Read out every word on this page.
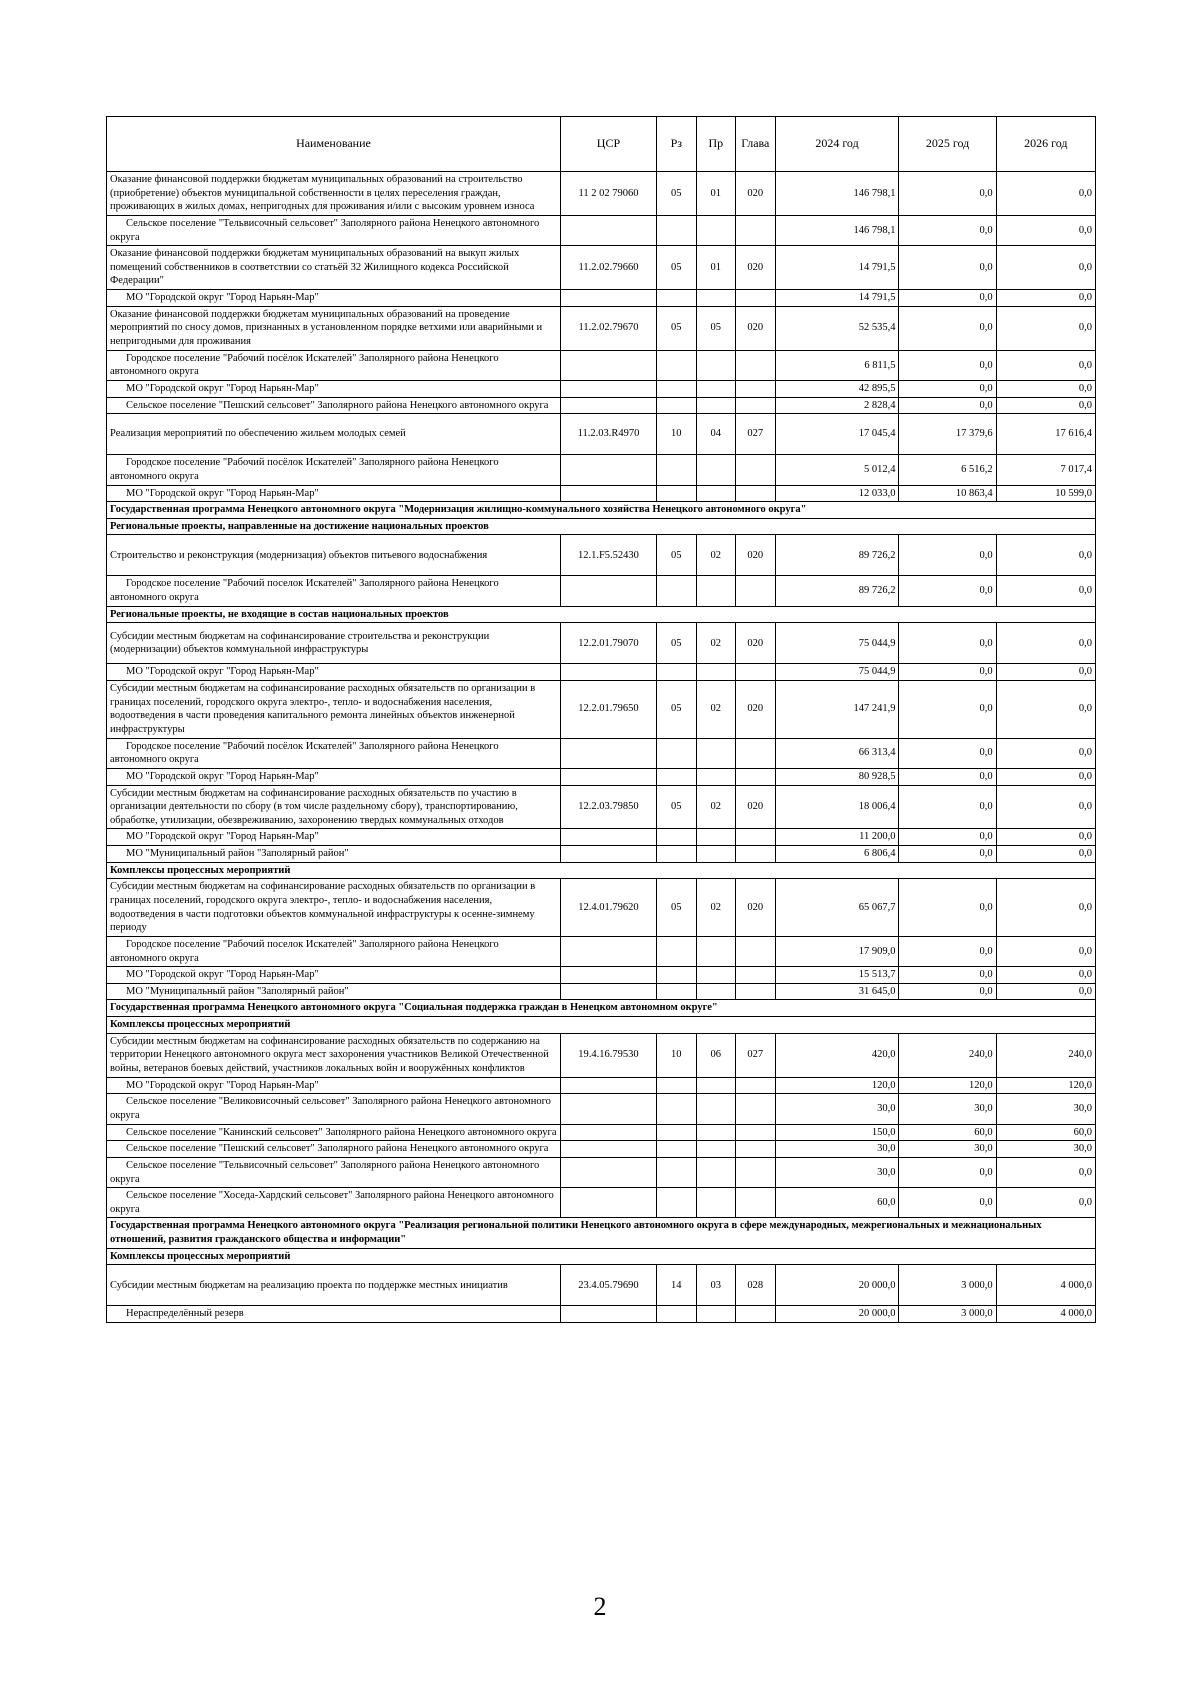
Наименование	ЦСР	Рз	Пр	Глава	2024 год	2025 год	2026 год
Оказание финансовой поддержки бюджетам муниципальных образований на строительство (приобретение) объектов муниципальной собственности в целях переселения граждан, проживающих в жилых домах, непригодных для проживания и/или с высоким уровнем износа	11 2 02 79060	05	01	020	146 798,1	0,0	0,0
Сельское поселение "Тельвисочный сельсовет" Заполярного района Ненецкого автономного округа					146 798,1	0,0	0,0
Оказание финансовой поддержки бюджетам муниципальных образований на выкуп жилых помещений собственников в соответствии со статьёй 32 Жилищного кодекса Российской Федерации"	11.2.02.79660	05	01	020	14 791,5	0,0	0,0
МО "Городской округ "Город Нарьян-Мар"					14 791,5	0,0	0,0
Оказание финансовой поддержки бюджетам муниципальных образований на проведение мероприятий по сносу домов, признанных в установленном порядке ветхими или аварийными и непригодными для проживания	11.2.02.79670	05	05	020	52 535,4	0,0	0,0
Городское поселение "Рабочий посёлок Искателей" Заполярного района Ненецкого автономного округа					6 811,5	0,0	0,0
МО "Городской округ "Город Нарьян-Мар"					42 895,5	0,0	0,0
Сельское поселение "Пешский сельсовет" Заполярного района Ненецкого автономного округа					2 828,4	0,0	0,0
Реализация мероприятий по обеспечению жильем молодых семей	11.2.03.R4970	10	04	027	17 045,4	17 379,6	17 616,4
Городское поселение "Рабочий посёлок Искателей" Заполярного района Ненецкого автономного округа					5 012,4	6 516,2	7 017,4
МО "Городской округ "Город Нарьян-Мар"					12 033,0	10 863,4	10 599,0
Государственная программа Ненецкого автономного округа "Модернизация жилищно-коммунального хозяйства Ненецкого автономного округа"							
Региональные проекты, направленные на достижение национальных проектов							
Строительство и реконструкция (модернизация) объектов питьевого водоснабжения	12.1.F5.52430	05	02	020	89 726,2	0,0	0,0
Городское поселение "Рабочий поселок Искателей" Заполярного района Ненецкого автономного округа					89 726,2	0,0	0,0
Региональные проекты, не входящие в состав национальных проектов							
Субсидии местным бюджетам на софинансирование строительства и реконструкции (модернизации) объектов коммунальной инфраструктуры	12.2.01.79070	05	02	020	75 044,9	0,0	0,0
МО "Городской округ "Город Нарьян-Мар"					75 044,9	0,0	0,0
Субсидии местным бюджетам на софинансирование расходных обязательств по организации в границах поселений, городского округа электро-, тепло- и водоснабжения населения, водоотведения в части проведения капитального ремонта линейных объектов инженерной инфраструктуры	12.2.01.79650	05	02	020	147 241,9	0,0	0,0
Городское поселение "Рабочий посёлок Искателей" Заполярного района Ненецкого автономного округа					66 313,4	0,0	0,0
МО "Городской округ "Город Нарьян-Мар"					80 928,5	0,0	0,0
Субсидии местным бюджетам на софинансирование расходных обязательств по участию в организации деятельности по сбору (в том числе раздельному сбору), транспортированию, обработке, утилизации, обезвреживанию, захоронению твердых коммунальных отходов	12.2.03.79850	05	02	020	18 006,4	0,0	0,0
МО "Городской округ "Город Нарьян-Мар"					11 200,0	0,0	0,0
МО "Муниципальный район "Заполярный район"					6 806,4	0,0	0,0
Комплексы процессных мероприятий							
Субсидии местным бюджетам на софинансирование расходных обязательств по организации в границах поселений, городского округа электро-, тепло- и водоснабжения населения, водоотведения в части подготовки объектов коммунальной инфраструктуры к осенне-зимнему периоду	12.4.01.79620	05	02	020	65 067,7	0,0	0,0
Городское поселение "Рабочий поселок Искателей" Заполярного района Ненецкого автономного округа					17 909,0	0,0	0,0
МО "Городской округ "Город Нарьян-Мар"					15 513,7	0,0	0,0
МО "Муниципальный район "Заполярный район"					31 645,0	0,0	0,0
Государственная программа Ненецкого автономного округа "Социальная поддержка граждан в Ненецком автономном округе"							
Комплексы процессных мероприятий							
Субсидии местным бюджетам на софинансирование расходных обязательств по содержанию на территории Ненецкого автономного округа мест захоронения участников Великой Отечественной войны, ветеранов боевых действий, участников локальных войн и вооружённых конфликтов	19.4.16.79530	10	06	027	420,0	240,0	240,0
МО "Городской округ "Город Нарьян-Мар"					120,0	120,0	120,0
Сельское поселение "Великовисочный сельсовет" Заполярного района Ненецкого автономного округа					30,0	30,0	30,0
Сельское поселение "Канинский сельсовет" Заполярного района Ненецкого автономного округа					150,0	60,0	60,0
Сельское поселение "Пешский сельсовет" Заполярного района Ненецкого автономного округа					30,0	30,0	30,0
Сельское поселение "Тельвисочный сельсовет" Заполярного района Ненецкого автономного округа					30,0	0,0	0,0
Сельское поселение "Хоседа-Хардский сельсовет" Заполярного района Ненецкого автономного округа					60,0	0,0	0,0
Государственная программа Ненецкого автономного округа "Реализация региональной политики Ненецкого автономного округа в сфере международных, межрегиональных и межнациональных отношений, развития гражданского общества и информации"							
Комплексы процессных мероприятий							
Субсидии местным бюджетам на реализацию проекта по поддержке местных инициатив	23.4.05.79690	14	03	028	20 000,0	3 000,0	4 000,0
Нераспределённый резерв					20 000,0	3 000,0	4 000,0
2
